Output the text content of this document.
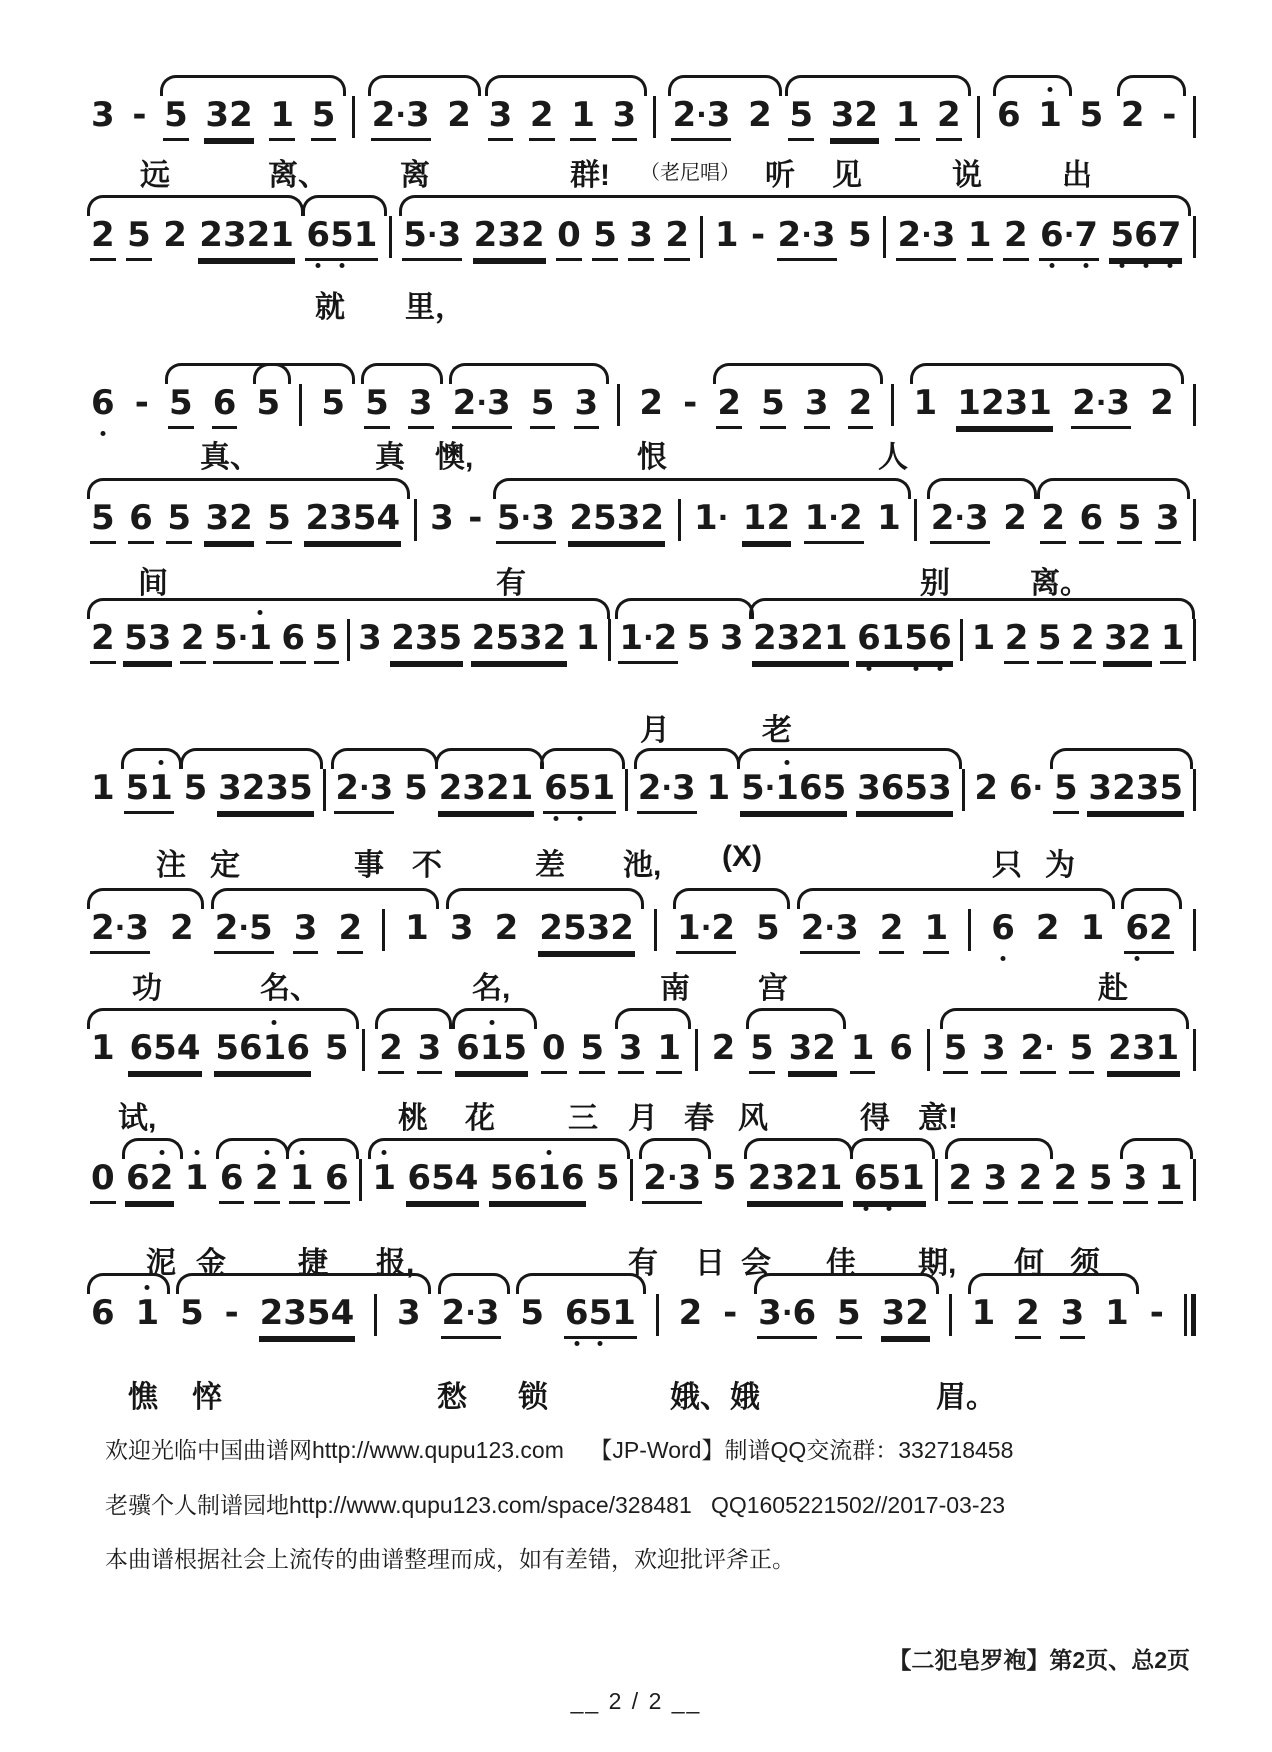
3 - 5 3 2 1 5 2 · 3 2 3 2 1 3 2 · 3 2 5 3 2 1 2 6 1 5 2 -
远	离、 离	群! （老尼唱） 听 见	说	出
2 5 2 2 3 2 1 6 5 1 5 · 3 2 3 2 0 5 3 2 1 - 2 · 3 5 2 · 3 1 2 6 · 7 5 6 7
就 里，
6 - 5 6 5 5 5 3 2 · 3 5 3 2 - 2 5 3 2 1 1 2 3 1 2 · 3 2
真、	真 懊,	恨	人
5 6 5 3 2 5 2 3 5 4 3 - 5 · 3 2 5 3 2 1 · 1 2 1 · 2 1 2 · 3 2 2 6 5 3
间	有	别	离。
2 5 3 2 5 · 1 6 5 3 2 3 5 2 5 3 2 1 1 · 2 5 3 2 3 2 1 6 1 5 6 1 2 5 2 3 2 1
月	老
1 5 1 5 3 2 3 5 2 · 3 5 2 3 2 1 6 5 1 2 · 3 1 5 · 1 6 5 3 6 5 3 2 6 · 5 3 2 3 5
注 定	事 不	差 池, (X)	只 为
2 · 3 2 2 · 5 3 2 1 3 2 2 5 3 2 1 · 2 5 2 · 3 2 1 6 2 1 6 2
功	名、	名,	南 宫	赴
1 6 5 4 5 6 1 6 5 2 3 6 1 5 0 5 3 1 2 5 3 2 1 6 5 3 2 · 5 2 3 1
试,	桃 花 三 月 春 风	得 意!
0 6 2 1 6 2 1 6 1 6 5 4 5 6 1 6 5 2 · 3 5 2 3 2 1 6 5 1 2 3 2 2 5 3 1
泥 金 捷 报,	有 日 会 佳 期, 何 须
6 1 5 - 2 3 5 4 3 2 · 3 5 6 5 1 2 - 3 · 6 5 3 2 1 2 3 1 -
憔 悴	愁 锁	娥、 娥	眉。
欢迎光临中国曲谱网http://www.qupu123.com    【JP-Word】制谱QQ交流群：332718458
老骥个人制谱园地http://www.qupu123.com/space/328481   QQ1605221502//2017-03-23
本曲谱根据社会上流传的曲谱整理而成，如有差错，欢迎批评斧正。
【二犯皂罗袍】第2页、总2页
__ 2 / 2 __
